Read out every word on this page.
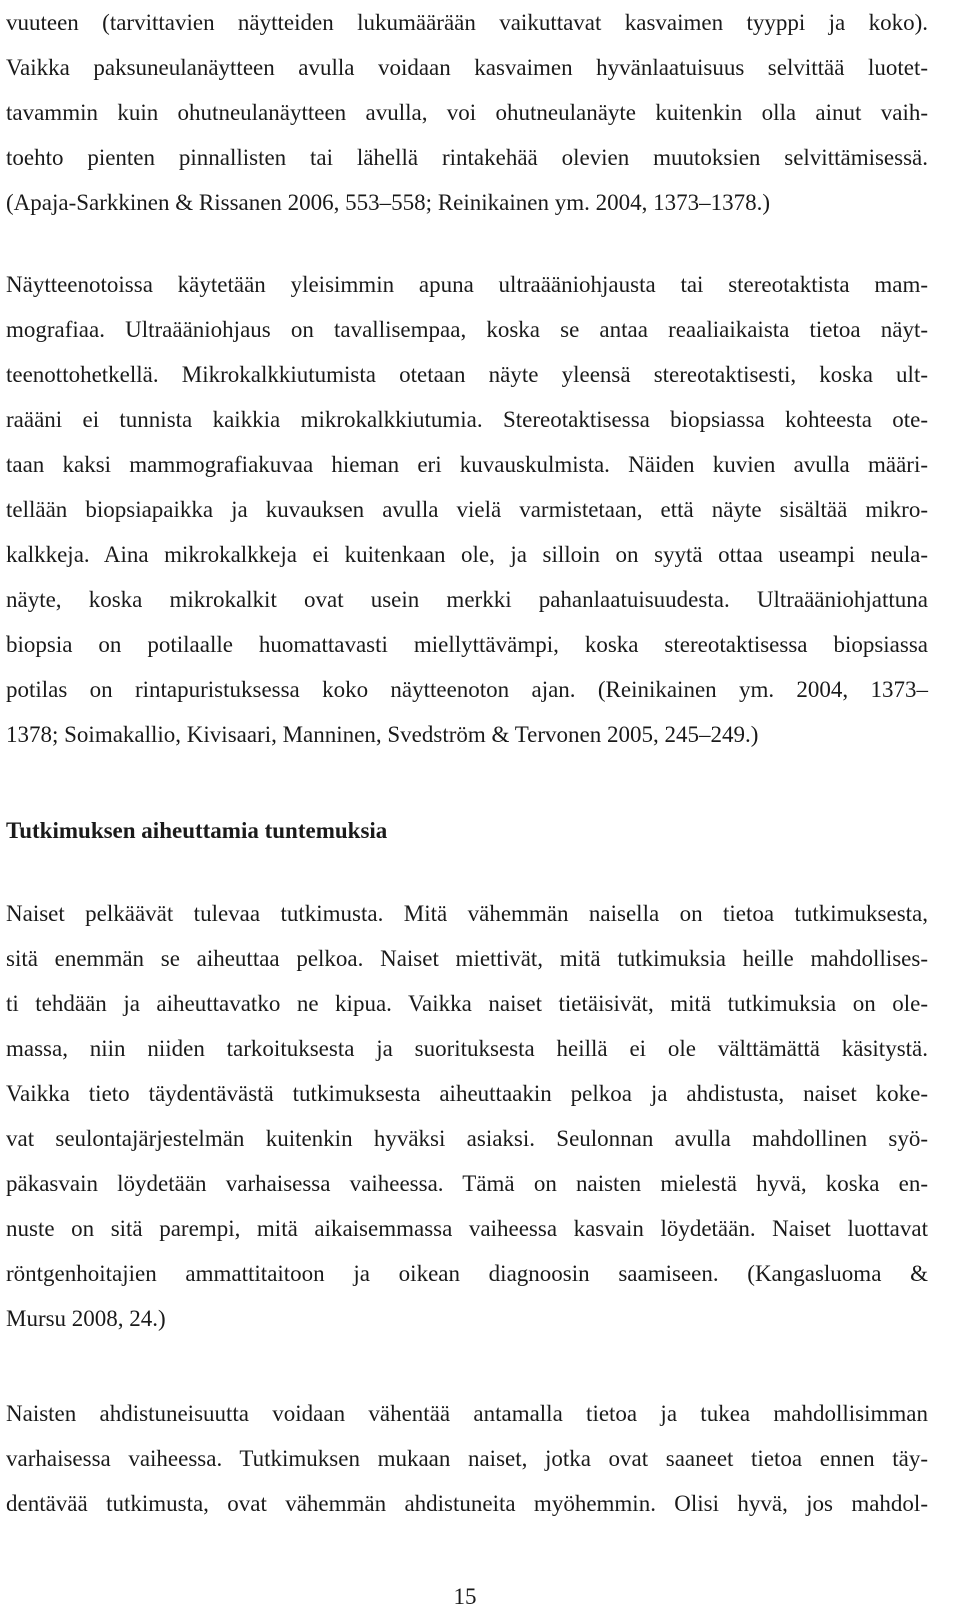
vuuteen (tarvittavien näytteiden lukumäärään vaikuttavat kasvaimen tyyppi ja koko).
Vaikka paksuneulanäytteen avulla voidaan kasvaimen hyvänlaatuisuus selvittää luotet-
tavammin kuin ohutneulanäytteen avulla, voi ohutneulanäyte kuitenkin olla ainut vaih-
toehto pienten pinnallisten tai lähellä rintakehää olevien muutoksien selvittämisessä.
(Apaja-Sarkkinen & Rissanen 2006, 553–558; Reinikainen ym. 2004, 1373–1378.)
Näytteenotoissa käytetään yleisimmin apuna ultraääniohjausta tai stereotaktista mam-
mografiaa. Ultraääniohjaus on tavallisempaa, koska se antaa reaaliaikaista tietoa näyt-
teenottohetkellä. Mikrokalkkiutumista otetaan näyte yleensä stereotaktisesti, koska ult-
raääni ei tunnista kaikkia mikrokalkkiutumia. Stereotaktisessa biopsiassa kohteesta ote-
taan kaksi mammografiakuvaa hieman eri kuvauskulmista. Näiden kuvien avulla määri-
tellään biopsiapaikka ja kuvauksen avulla vielä varmistetaan, että näyte sisältää mikro-
kalkkeja. Aina mikrokalkkeja ei kuitenkaan ole, ja silloin on syytä ottaa useampi neula-
näyte, koska mikrokalkit ovat usein merkki pahanlaatuisuudesta. Ultraääniohjattuna
biopsia on potilaalle huomattavasti miellyttävämpi, koska stereotaktisessa biopsiassa
potilas on rintapuristuksessa koko näytteenoton ajan. (Reinikainen ym. 2004, 1373–
1378; Soimakallio, Kivisaari, Manninen, Svedström & Tervonen 2005, 245–249.)
Tutkimuksen aiheuttamia tuntemuksia
Naiset pelkäävät tulevaa tutkimusta. Mitä vähemmän naisella on tietoa tutkimuksesta,
sitä enemmän se aiheuttaa pelkoa. Naiset miettivät, mitä tutkimuksia heille mahdollises-
ti tehdään ja aiheuttavatko ne kipua. Vaikka naiset tietäisivät, mitä tutkimuksia on ole-
massa, niin niiden tarkoituksesta ja suorituksesta heillä ei ole välttämättä käsitystä.
Vaikka tieto täydentävästä tutkimuksesta aiheuttaakin pelkoa ja ahdistusta, naiset koke-
vat seulontajärjestelmän kuitenkin hyväksi asiaksi. Seulonnan avulla mahdollinen syö-
päkasvain löydetään varhaisessa vaiheessa. Tämä on naisten mielestä hyvä, koska en-
nuste on sitä parempi, mitä aikaisemmassa vaiheessa kasvain löydetään. Naiset luottavat
röntgenhoitajien ammattitaitoon ja oikean diagnoosin saamiseen. (Kangasluoma &
Mursu 2008, 24.)
Naisten ahdistuneisuutta voidaan vähentää antamalla tietoa ja tukea mahdollisimman
varhaisessa vaiheessa. Tutkimuksen mukaan naiset, jotka ovat saaneet tietoa ennen täy-
dentävää tutkimusta, ovat vähemmän ahdistuneita myöhemmin. Olisi hyvä, jos mahdol-
15
